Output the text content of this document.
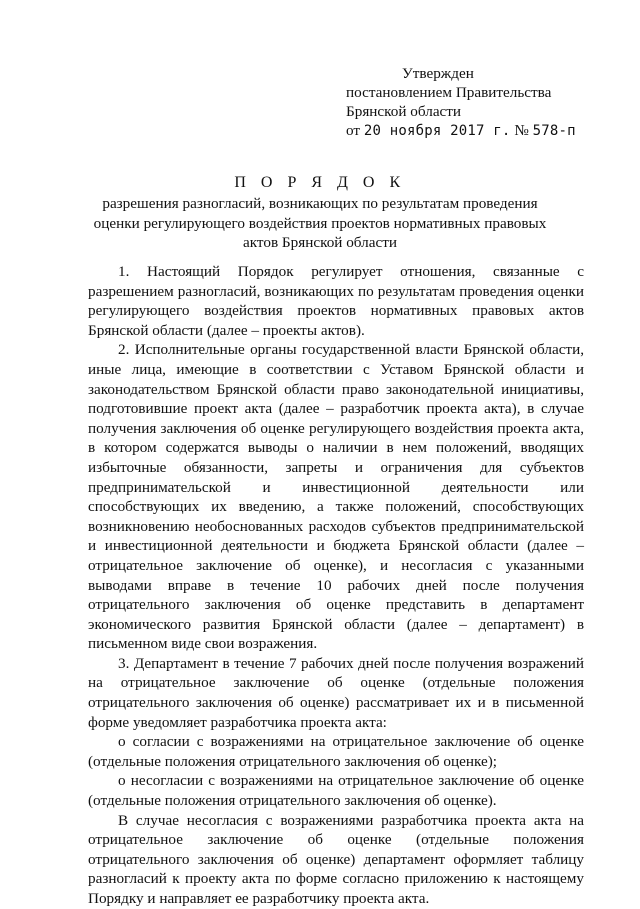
Утвержден
постановлением Правительства
Брянской области
от 20 ноября 2017 г. № 578-п
П О Р Я Д О К
разрешения разногласий, возникающих по результатам проведения оценки регулирующего воздействия проектов нормативных правовых актов Брянской области

1. Настоящий Порядок регулирует отношения, связанные с разрешением разногласий, возникающих по результатам проведения оценки регулирующего воздействия проектов нормативных правовых актов Брянской области (далее – проекты актов).

2. Исполнительные органы государственной власти Брянской области, иные лица, имеющие в соответствии с Уставом Брянской области и законодательством Брянской области право законодательной инициативы, подготовившие проект акта (далее – разработчик проекта акта), в случае получения заключения об оценке регулирующего воздействия проекта акта, в котором содержатся выводы о наличии в нем положений, вводящих избыточные обязанности, запреты и ограничения для субъектов предпринимательской и инвестиционной деятельности или способствующих их введению, а также положений, способствующих возникновению необоснованных расходов субъектов предпринимательской и инвестиционной деятельности и бюджета Брянской области (далее – отрицательное заключение об оценке), и несогласия с указанными выводами вправе в течение 10 рабочих дней после получения отрицательного заключения об оценке представить в департамент экономического развития Брянской области (далее – департамент) в письменном виде свои возражения.

3. Департамент в течение 7 рабочих дней после получения возражений на отрицательное заключение об оценке (отдельные положения отрицательного заключения об оценке) рассматривает их и в письменной форме уведомляет разработчика проекта акта:

о согласии с возражениями на отрицательное заключение об оценке (отдельные положения отрицательного заключения об оценке);

о несогласии с возражениями на отрицательное заключение об оценке (отдельные положения отрицательного заключения об оценке).

В случае несогласия с возражениями разработчика проекта акта на отрицательное заключение об оценке (отдельные положения отрицательного заключения об оценке) департамент оформляет таблицу разногласий к проекту акта по форме согласно приложению к настоящему Порядку и направляет ее разработчику проекта акта.
